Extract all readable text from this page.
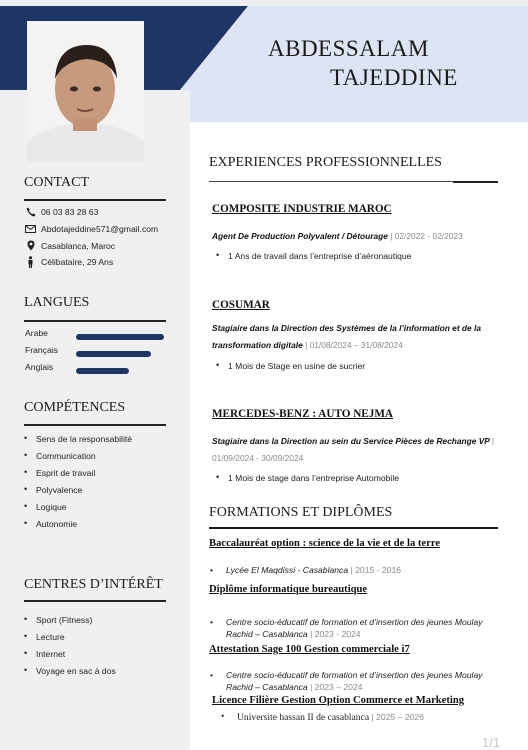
ABDESSALAM
TAJEDDINE
CONTACT
06 03 83 28 63
Abdotajeddine571@gmail.com
Casablanca, Maroc
Célibataire, 29 Ans
LANGUES
Arabe
Français
Anglais
COMPÉTENCES
• Sens de la responsabilité
• Communication
• Esprit de travail
• Polyvalence
• Logique
• Autonomie
CENTRES D’INTÉRÊT
• Sport (Fitness)
• Lecture
• Internet
• Voyage en sac à dos
EXPERIENCES PROFESSIONNELLES
COMPOSITE INDUSTRIE MAROC
Agent De Production Polyvalent / Détourage | 02/2022 - 02/2023
• 1 Ans de travail dans l’entreprise d’aéronautique
COSUMAR
Stagiaire dans la Direction des Systèmes de la l’information et de la transformation digitale | 01/08/2024 – 31/08/2024
• 1 Mois de Stage en usine de sucrier
MERCEDES-BENZ : AUTO NEJMA
Stagiaire dans la Direction au sein du Service Pièces de Rechange VP | 01/09/2024 - 30/09/2024
• 1 Mois de stage dans l’entreprise Automobile
FORMATIONS ET DIPLÔMES
Baccalauréat option : science de la vie et de la terre
• Lycée El Maqdissi - Casablanca | 2015 - 2016
Diplôme informatique bureautique
• Centre socio-éducatif de formation et d’insertion des jeunes Moulay Rachid – Casablanca | 2023 - 2024
Attestation Sage 100 Gestion commerciale i7
• Centre socio-éducatif de formation et d’insertion des jeunes Moulay Rachid – Casablanca | 2023 – 2024
Licence Filière Gestion Option Commerce et Marketing
• Universite hassan II de casablanca | 2025 – 2026
1/1
